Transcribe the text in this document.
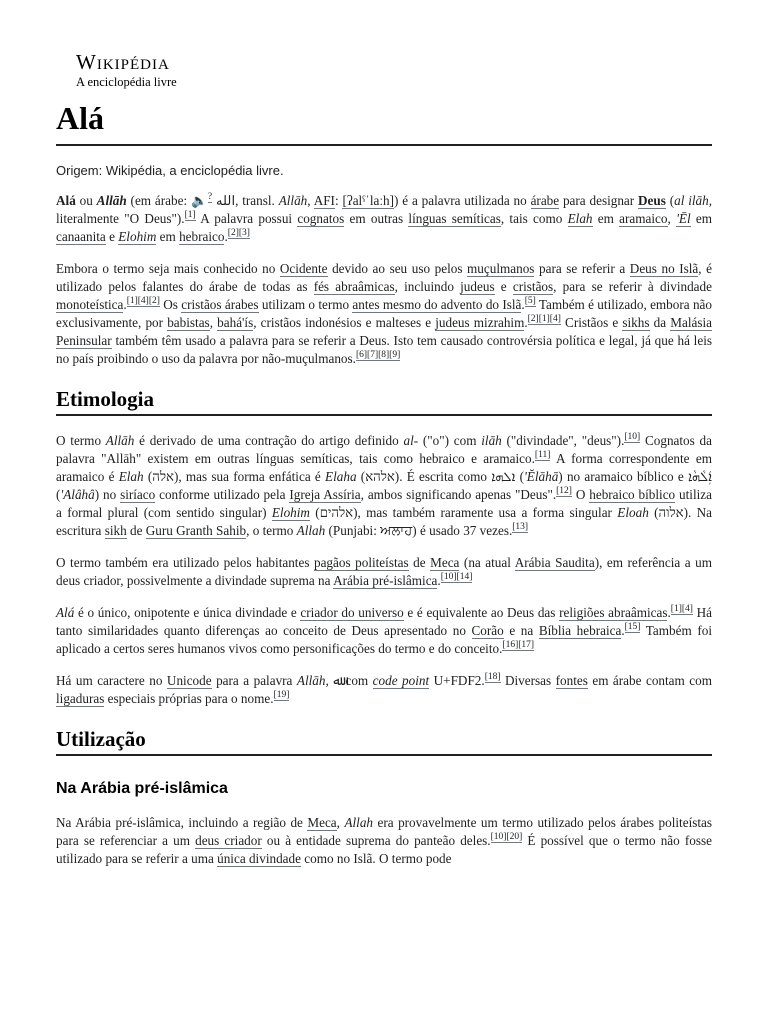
Wikipédia
A enciclopédia livre
Alá
Origem: Wikipédia, a enciclopédia livre.

Alá ou Allāh (em árabe: 🔈? الله, transl. Allāh, AFI: [ʔalˤˈlaːh]) é a palavra utilizada no árabe para designar Deus (al ilāh, literalmente "O Deus").[1] A palavra possui cognatos em outras línguas semíticas, tais como Elah em aramaico, 'Ēl em canaanita e Elohim em hebraico.[2][3]

Embora o termo seja mais conhecido no Ocidente devido ao seu uso pelos muçulmanos para se referir a Deus no Islã, é utilizado pelos falantes do árabe de todas as fés abraâmicas, incluindo judeus e cristãos, para se referir à divindade monoteística.[1][4][2] Os cristãos árabes utilizam o termo antes mesmo do advento do Islã.[5] Também é utilizado, embora não exclusivamente, por babistas, bahá'ís, cristãos indonésios e malteses e judeus mizrahim.[2][1][4] Cristãos e sikhs da Malásia Peninsular também têm usado a palavra para se referir a Deus. Isto tem causado controvérsia política e legal, já que há leis no país proibindo o uso da palavra por não-muçulmanos.[6][7][8][9]

Etimologia

O termo Allāh é derivado de uma contração do artigo definido al- ("o") com ilāh ("divindade", "deus").[10] Cognatos da palavra "Allāh" existem em outras línguas semíticas, tais como hebraico e aramaico.[11] A forma correspondente em aramaico é Elah (אלה), mas sua forma enfática é Elaha (אלהא). É escrita como ܐܠܗܐ ('Ĕlāhā) no aramaico bíblico e ܐܲܠܵܗܵܐ ('Alâhâ) no siríaco conforme utilizado pela Igreja Assíria, ambos significando apenas "Deus".[12] O hebraico bíblico utiliza a formal plural (com sentido singular) Elohim (אלהים), mas também raramente usa a forma singular Eloah (אלוה). Na escritura sikh de Guru Granth Sahib, o termo Allah (Punjabi: ਅਲਾਹ) é usado 37 vezes.[13]

O termo também era utilizado pelos habitantes pagãos politeístas de Meca (na atual Arábia Saudita), em referência a um deus criador, possivelmente a divindade suprema na Arábia pré-islâmica.[10][14]

Alá é o único, onipotente e única divindade e criador do universo e é equivalente ao Deus das religiões abraâmicas.[1][4] Há tanto similaridades quanto diferenças ao conceito de Deus apresentado no Corão e na Bíblia hebraica.[15] Também foi aplicado a certos seres humanos vivos como personificações do termo e do conceito.[16][17]

Há um caractere no Unicode para a palavra Allāh, ﷲ com code point U+FDF2.[18] Diversas fontes em árabe contam com ligaduras especiais próprias para o nome.[19]

Utilização
Na Arábia pré-islâmica

Na Arábia pré-islâmica, incluindo a região de Meca, Allah era provavelmente um termo utilizado pelos árabes politeístas para se referenciar a um deus criador ou à entidade suprema do panteão deles.[10][20] É possível que o termo não fosse utilizado para se referir a uma única divindade como no Islã. O termo pode
